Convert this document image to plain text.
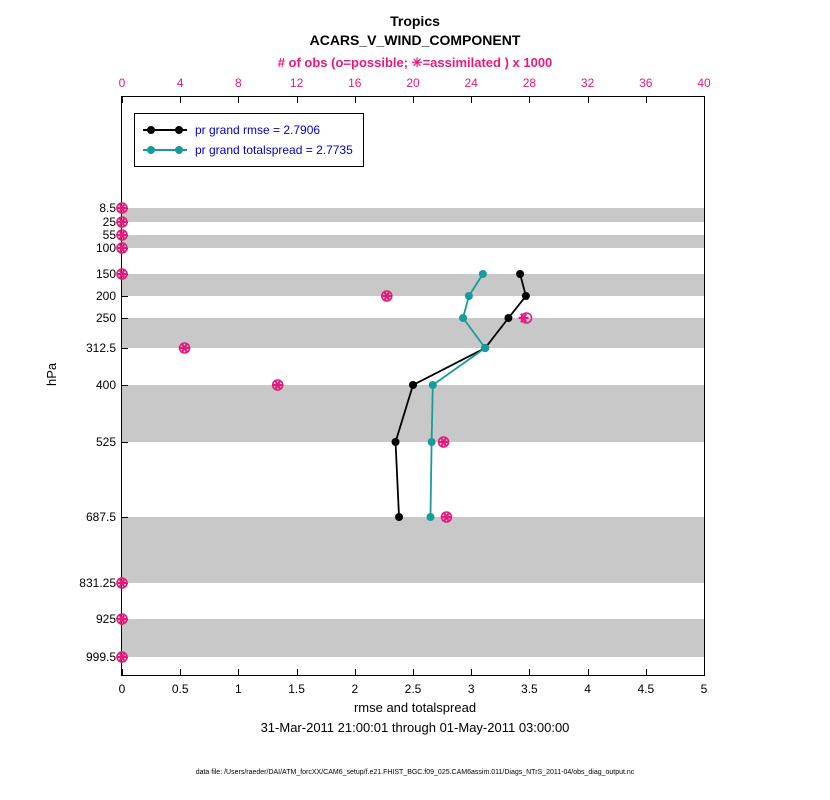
Tropics
ACARS_V_WIND_COMPONENT
# of obs (o=possible; ✳=assimilated ) x 1000
0	4	8	12	16	20	24	28	32	36	40
0	0.5	1	1.5	2	2.5	3	3.5	4	4.5	5
8.5
25
55
100
150
200
250
312.5
400
525
687.5
831.25
925
999.5
pr grand rmse = 2.7906
pr grand totalspread = 2.7735
hPa
rmse and totalspread
31-Mar-2011 21:00:01 through 01-May-2011 03:00:00
data file: /Users/raeder/DAI/ATM_forcXX/CAM6_setup/f.e21.FHIST_BGC.f09_025.CAM6assim.011/Diags_NTrS_2011-04/obs_diag_output.nc
